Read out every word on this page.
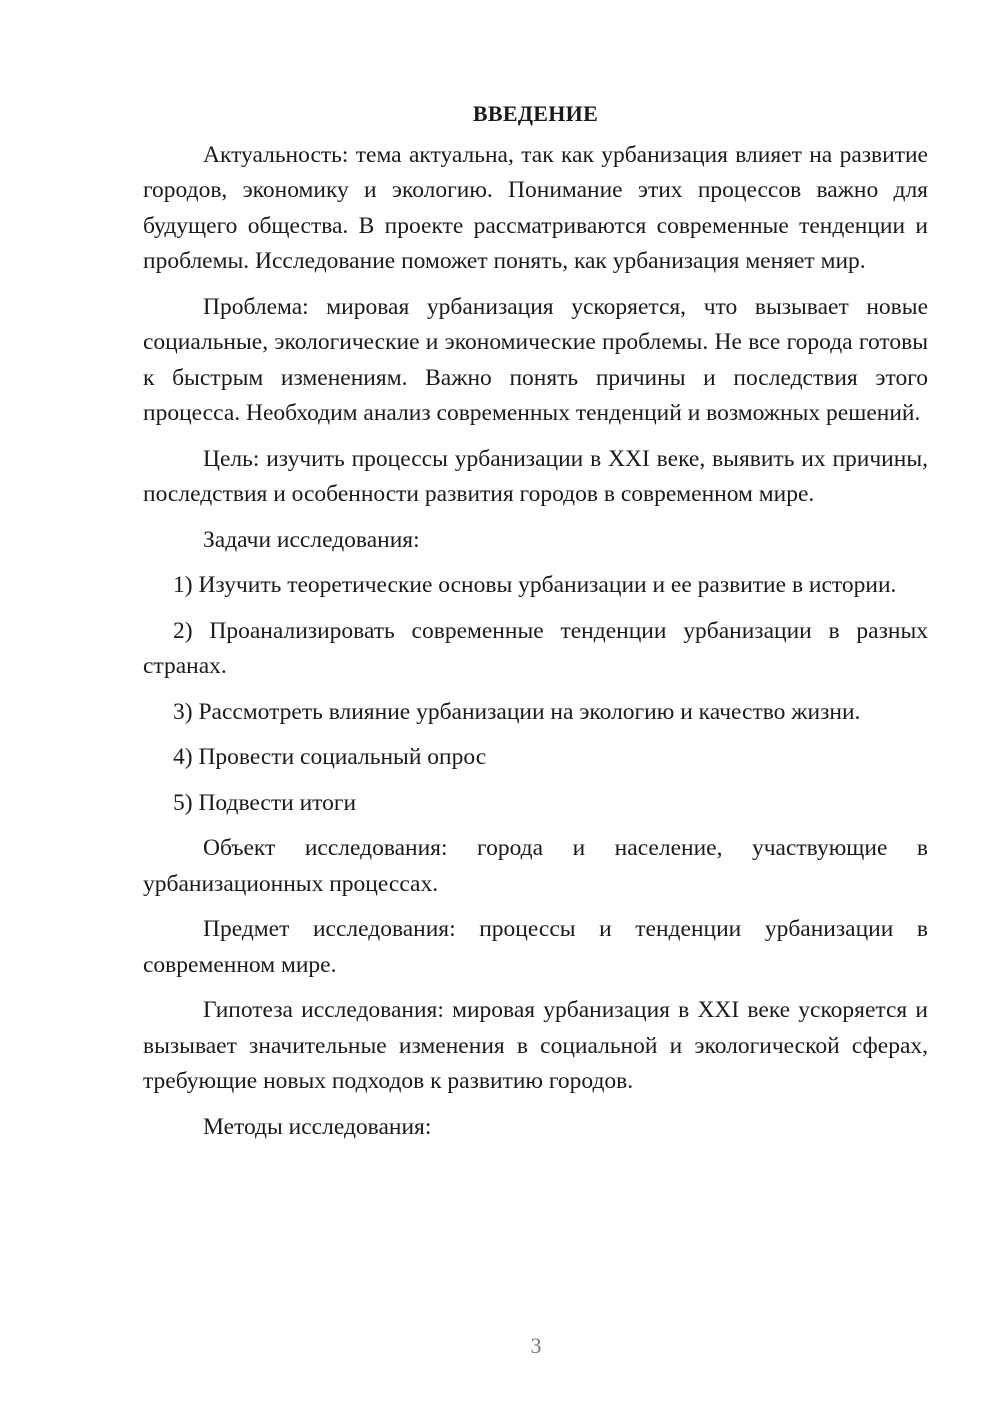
ВВЕДЕНИЕ

Актуальность: тема актуальна, так как урбанизация влияет на развитие городов, экономику и экологию. Понимание этих процессов важно для будущего общества. В проекте рассматриваются современные тенденции и проблемы. Исследование поможет понять, как урбанизация меняет мир.

Проблема: мировая урбанизация ускоряется, что вызывает новые социальные, экологические и экономические проблемы. Не все города готовы к быстрым изменениям. Важно понять причины и последствия этого процесса. Необходим анализ современных тенденций и возможных решений.

Цель: изучить процессы урбанизации в XXI веке, выявить их причины, последствия и особенности развития городов в современном мире.

Задачи исследования:

1) Изучить теоретические основы урбанизации и ее развитие в истории.

2) Проанализировать современные тенденции урбанизации в разных странах.

3) Рассмотреть влияние урбанизации на экологию и качество жизни.

4) Провести социальный опрос

5) Подвести итоги

Объект исследования: города и население, участвующие в урбанизационных процессах.

Предмет исследования: процессы и тенденции урбанизации в современном мире.

Гипотеза исследования: мировая урбанизация в XXI веке ускоряется и вызывает значительные изменения в социальной и экологической сферах, требующие новых подходов к развитию городов.

Методы исследования:

3
